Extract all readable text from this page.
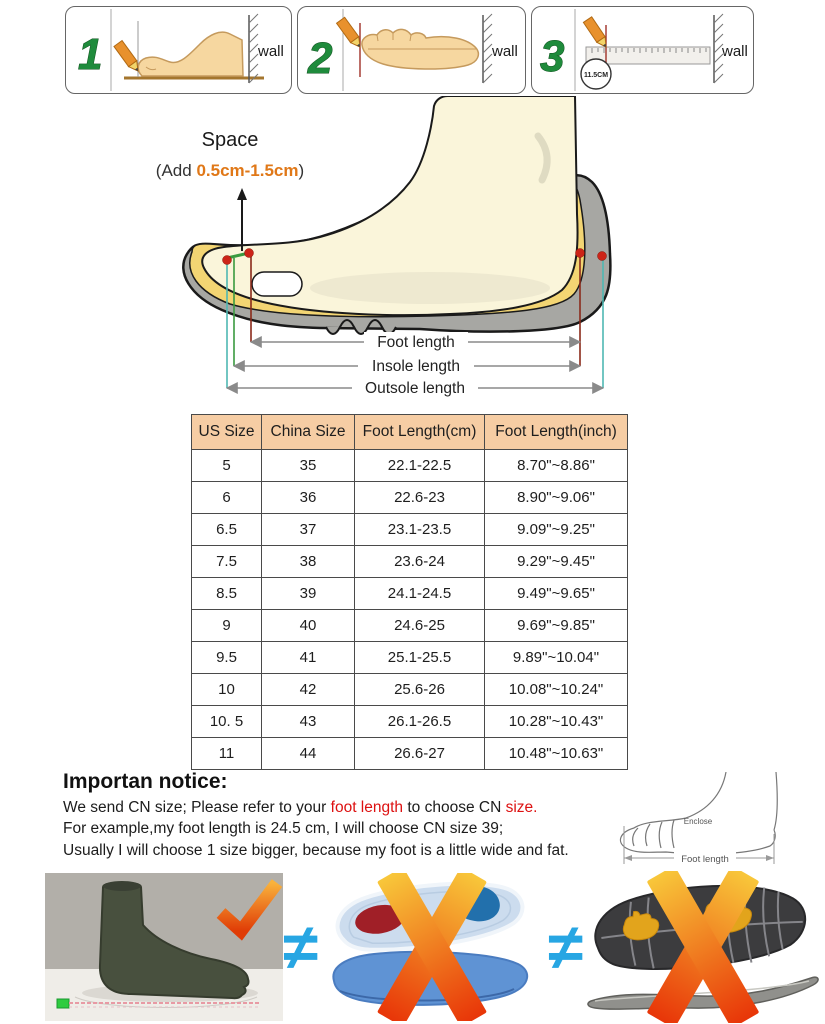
1	wall 2	wall 3	11.5CM
wall
Space
(Add 0.5cm-1.5cm)
Foot length
Insole length
Outsole length
US Size	China Size	Foot Length(cm)	Foot Length(inch)
5	35	22.1-22.5	8.70"~8.86"
6	36	22.6-23	8.90"~9.06"
6.5	37	23.1-23.5	9.09"~9.25"
7.5	38	23.6-24	9.29"~9.45"
8.5	39	24.1-24.5	9.49"~9.65"
9	40	24.6-25	9.69"~9.85"
9.5	41	25.1-25.5	9.89"~10.04"
10	42	25.6-26	10.08"~10.24"
10. 5	43	26.1-26.5	10.28"~10.43"
11	44	26.6-27	10.48"~10.63"

Importan notice:

We send CN size; Please refer to your foot length to choose CN size.

For example,my foot length is 24.5 cm, I will choose CN size 39;

Usually I will choose 1 size bigger, because my foot is a little wide and fat.

Foot length
Enclose
≠	≠
